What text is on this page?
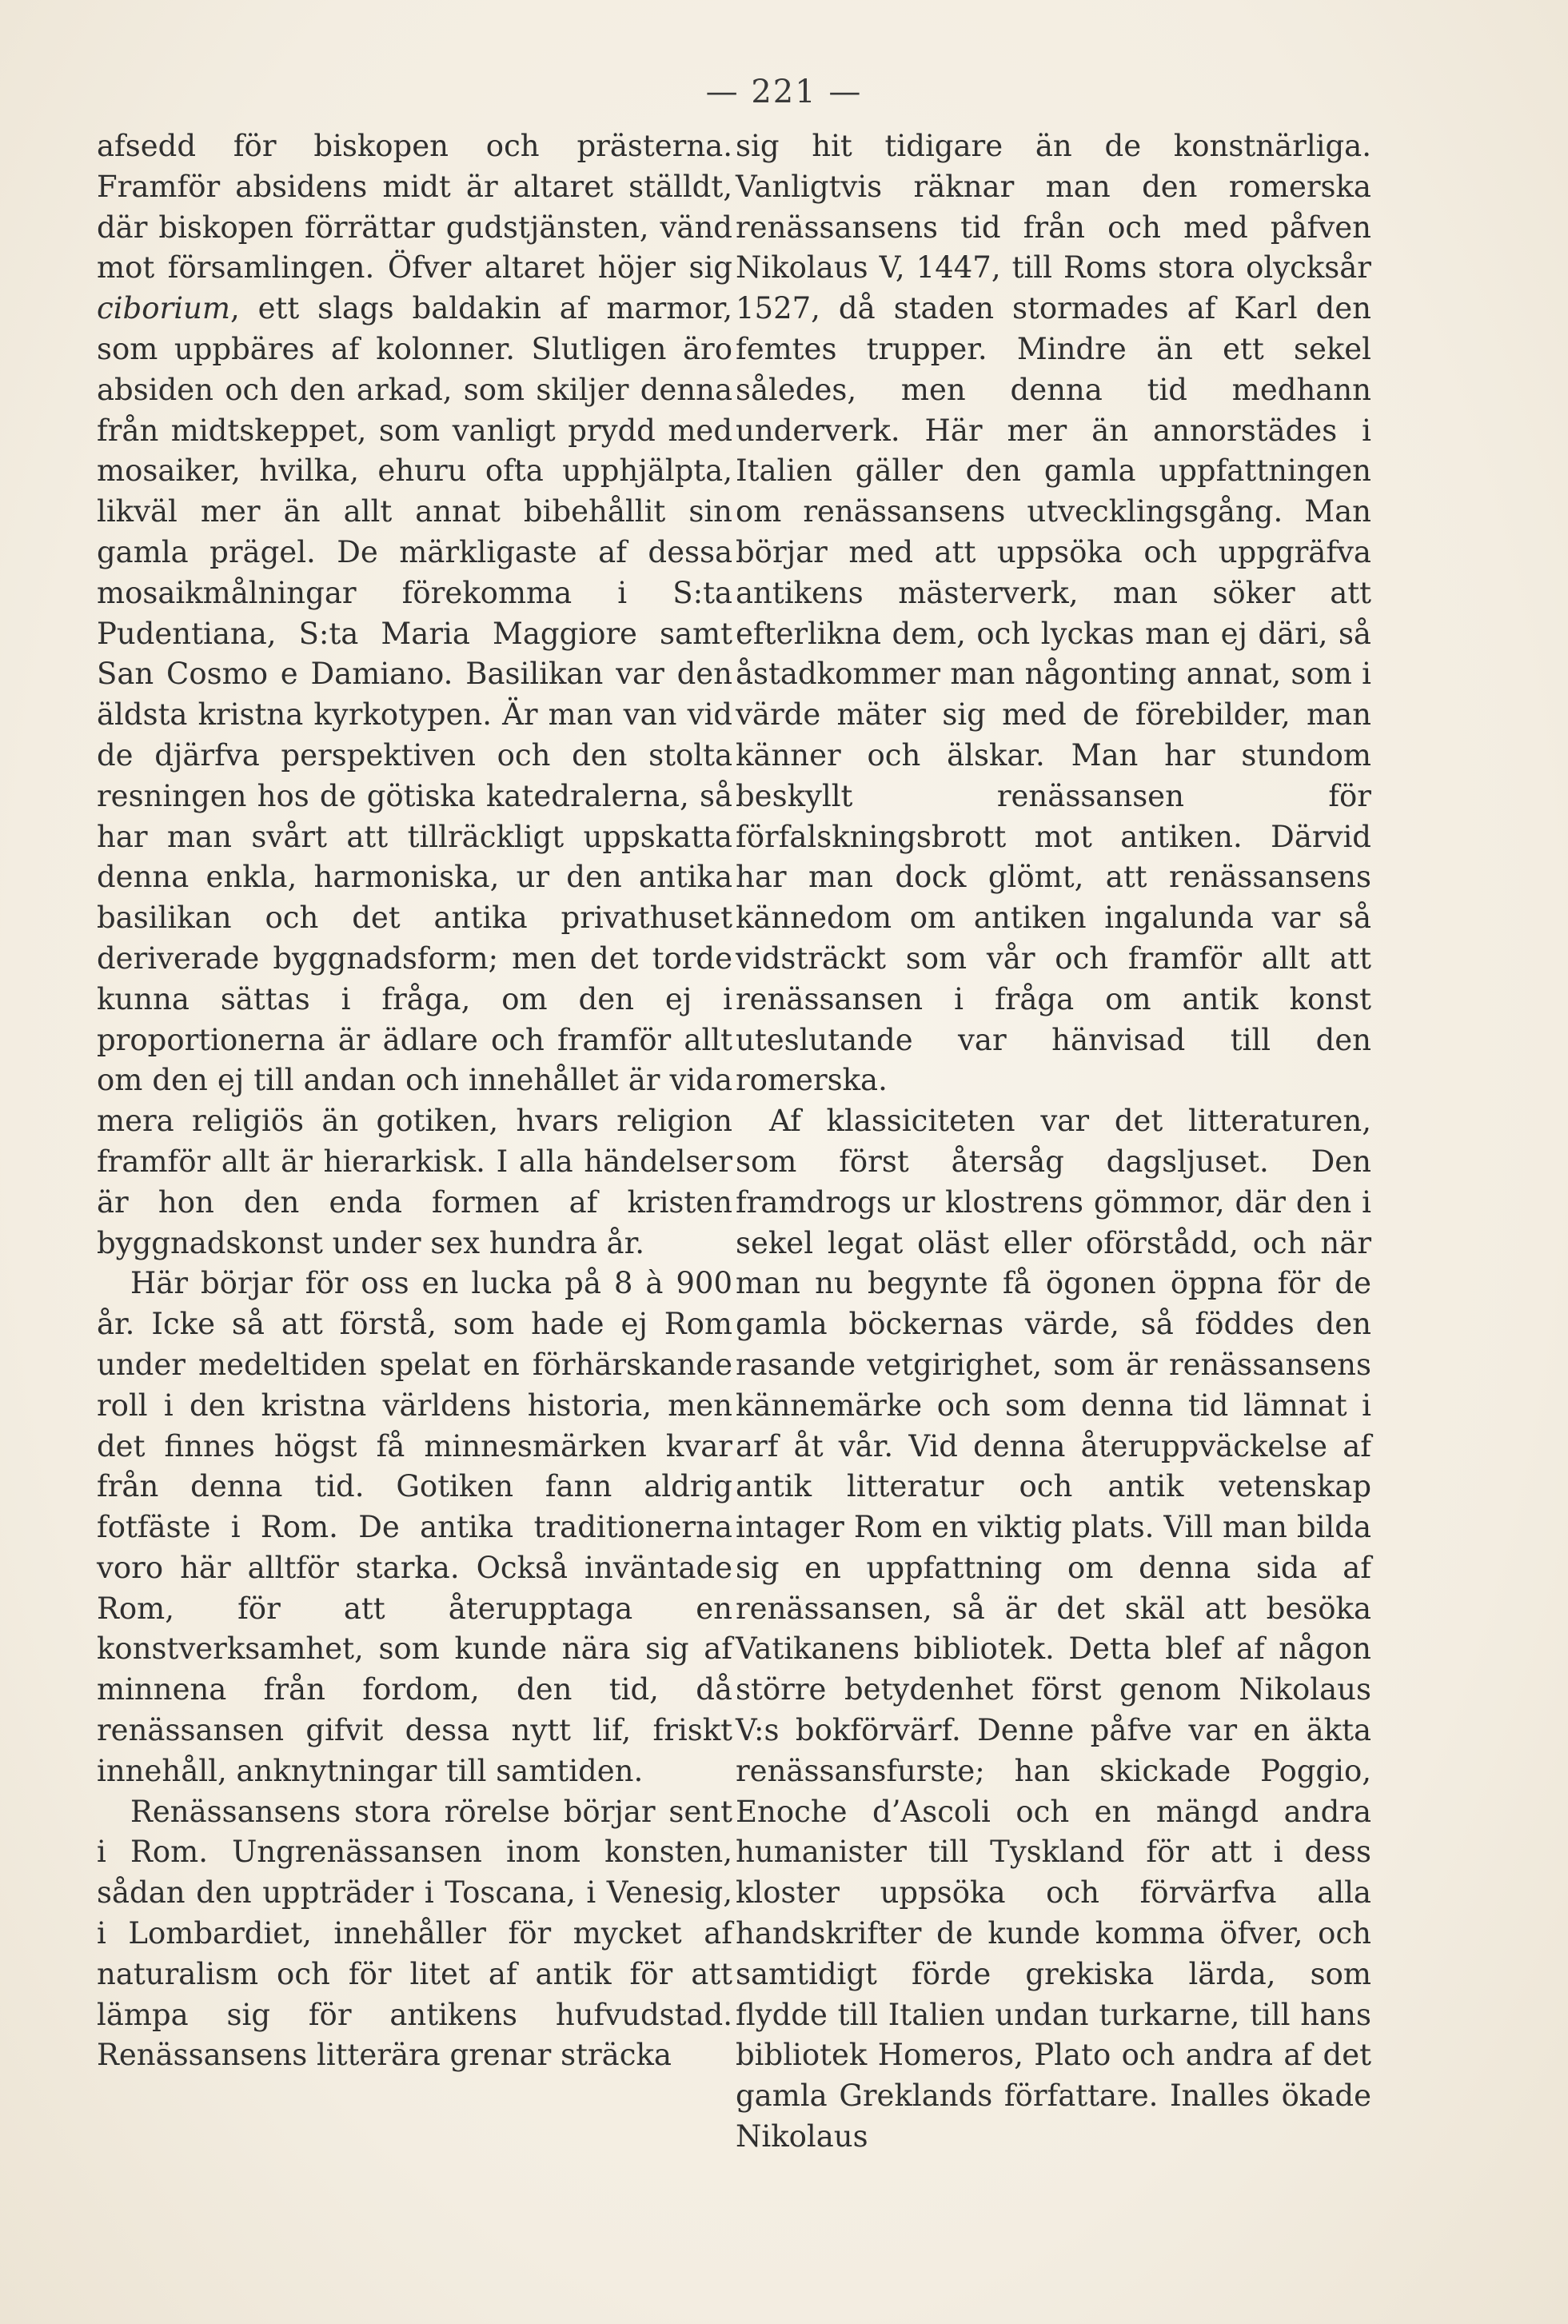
— 221 —

afsedd för biskopen och prästerna. Framför absidens midt är altaret ställdt, där biskopen förrättar gudstjänsten, vänd mot församlingen. Öfver altaret höjer sig ciborium, ett slags baldakin af marmor, som uppbäres af kolonner. Slutligen äro absiden och den arkad, som skiljer denna från midtskeppet, som vanligt prydd med mosaiker, hvilka, ehuru ofta upphjälpta, likväl mer än allt annat bibehållit sin gamla prägel. De märkligaste af dessa mosaikmålningar förekomma i S:ta Pudentiana, S:ta Maria Maggiore samt San Cosmo e Damiano. Basilikan var den äldsta kristna kyrkotypen. Är man van vid de djärfva perspektiven och den stolta resningen hos de götiska katedralerna, så har man svårt att tillräckligt uppskatta denna enkla, harmoniska, ur den antika basilikan och det antika privathuset deriverade byggnadsform; men det torde kunna sättas i fråga, om den ej i proportionerna är ädlare och framför allt om den ej till andan och innehållet är vida mera religiös än gotiken, hvars religion framför allt är hierarkisk. I alla händelser är hon den enda formen af kristen byggnadskonst under sex hundra år.

Här börjar för oss en lucka på 8 à 900 år. Icke så att förstå, som hade ej Rom under medeltiden spelat en förhärskande roll i den kristna världens historia, men det finnes högst få minnesmärken kvar från denna tid. Gotiken fann aldrig fotfäste i Rom. De antika traditionerna voro här alltför starka. Också inväntade Rom, för att återupptaga en konstverksamhet, som kunde nära sig af minnena från fordom, den tid, då renässansen gifvit dessa nytt lif, friskt innehåll, anknytningar till samtiden.

Renässansens stora rörelse börjar sent i Rom. Ungrenässansen inom konsten, sådan den uppträder i Toscana, i Venesig, i Lombardiet, innehåller för mycket af naturalism och för litet af antik för att lämpa sig för antikens hufvudstad. Renässansens litterära grenar sträcka

sig hit tidigare än de konstnärliga. Vanligtvis räknar man den romerska renässansens tid från och med påfven Nikolaus V, 1447, till Roms stora olycksår 1527, då staden stormades af Karl den femtes trupper. Mindre än ett sekel således, men denna tid medhann underverk. Här mer än annorstädes i Italien gäller den gamla uppfattningen om renässansens utvecklingsgång. Man börjar med att uppsöka och uppgräfva antikens mästerverk, man söker att efterlikna dem, och lyckas man ej däri, så åstadkommer man någonting annat, som i värde mäter sig med de förebilder, man känner och älskar. Man har stundom beskyllt renässansen för förfalskningsbrott mot antiken. Därvid har man dock glömt, att renässansens kännedom om antiken ingalunda var så vidsträckt som vår och framför allt att renässansen i fråga om antik konst uteslutande var hänvisad till den romerska.

Af klassiciteten var det litteraturen, som först återsåg dagsljuset. Den framdrogs ur klostrens gömmor, där den i sekel legat oläst eller oförstådd, och när man nu begynte få ögonen öppna för de gamla böckernas värde, så föddes den rasande vetgirighet, som är renässansens kännemärke och som denna tid lämnat i arf åt vår. Vid denna återuppväckelse af antik litteratur och antik vetenskap intager Rom en viktig plats. Vill man bilda sig en uppfattning om denna sida af renässansen, så är det skäl att besöka Vatikanens bibliotek. Detta blef af någon större betydenhet först genom Nikolaus V:s bokförvärf. Denne påfve var en äkta renässansfurste; han skickade Poggio, Enoche d’Ascoli och en mängd andra humanister till Tyskland för att i dess kloster uppsöka och förvärfva alla handskrifter de kunde komma öfver, och samtidigt förde grekiska lärda, som flydde till Italien undan turkarne, till hans bibliotek Homeros, Plato och andra af det gamla Greklands författare. Inalles ökade Nikolaus
